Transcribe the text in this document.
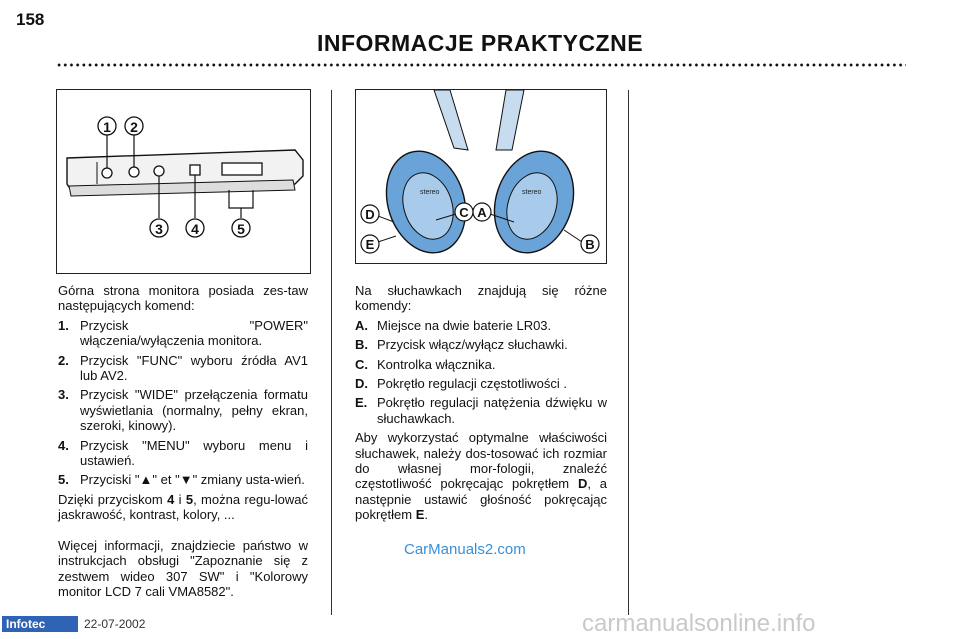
158
INFORMACJE PRAKTYCZNE
1 2
3 4	5
stereo	stereo
D	C A
E	B

Górna strona monitora posiada zes-taw następujących komend:

1. Przycisk "POWER" włączenia/wyłączenia monitora.
2. Przycisk "FUNC" wyboru źródła AV1 lub AV2.
3. Przycisk "WIDE" przełączenia formatu wyświetlania (normalny, pełny ekran, szeroki, kinowy).
4. Przycisk "MENU" wyboru menu i ustawień.
5. Przyciski "▲" et "▼" zmiany usta-wień.

Dzięki przyciskom 4 i 5, można regu-lować jaskrawość, kontrast, kolory, ...

Więcej informacji, znajdziecie państwo w instrukcjach obsługi "Zapoznanie się z zestwem wideo 307 SW" i "Kolorowy monitor LCD 7 cali VMA8582".

Na słuchawkach znajdują się różne komendy:

A. Miejsce na dwie baterie LR03.
B. Przycisk włącz/wyłącz słuchawki.
C. Kontrolka włącznika.
D. Pokrętło regulacji częstotliwości .
E. Pokrętło regulacji natężenia dźwięku w słuchawkach.

Aby wykorzystać optymalne właściwości słuchawek, należy dos-tosować ich rozmiar do własnej mor-fologii, znaleźć częstotliwość pokręcając pokrętłem D, a następnie ustawić głośność pokręcając pokrętłem E.

CarManuals2.com
Infotec	22-07-2002	carmanualsonline.info
